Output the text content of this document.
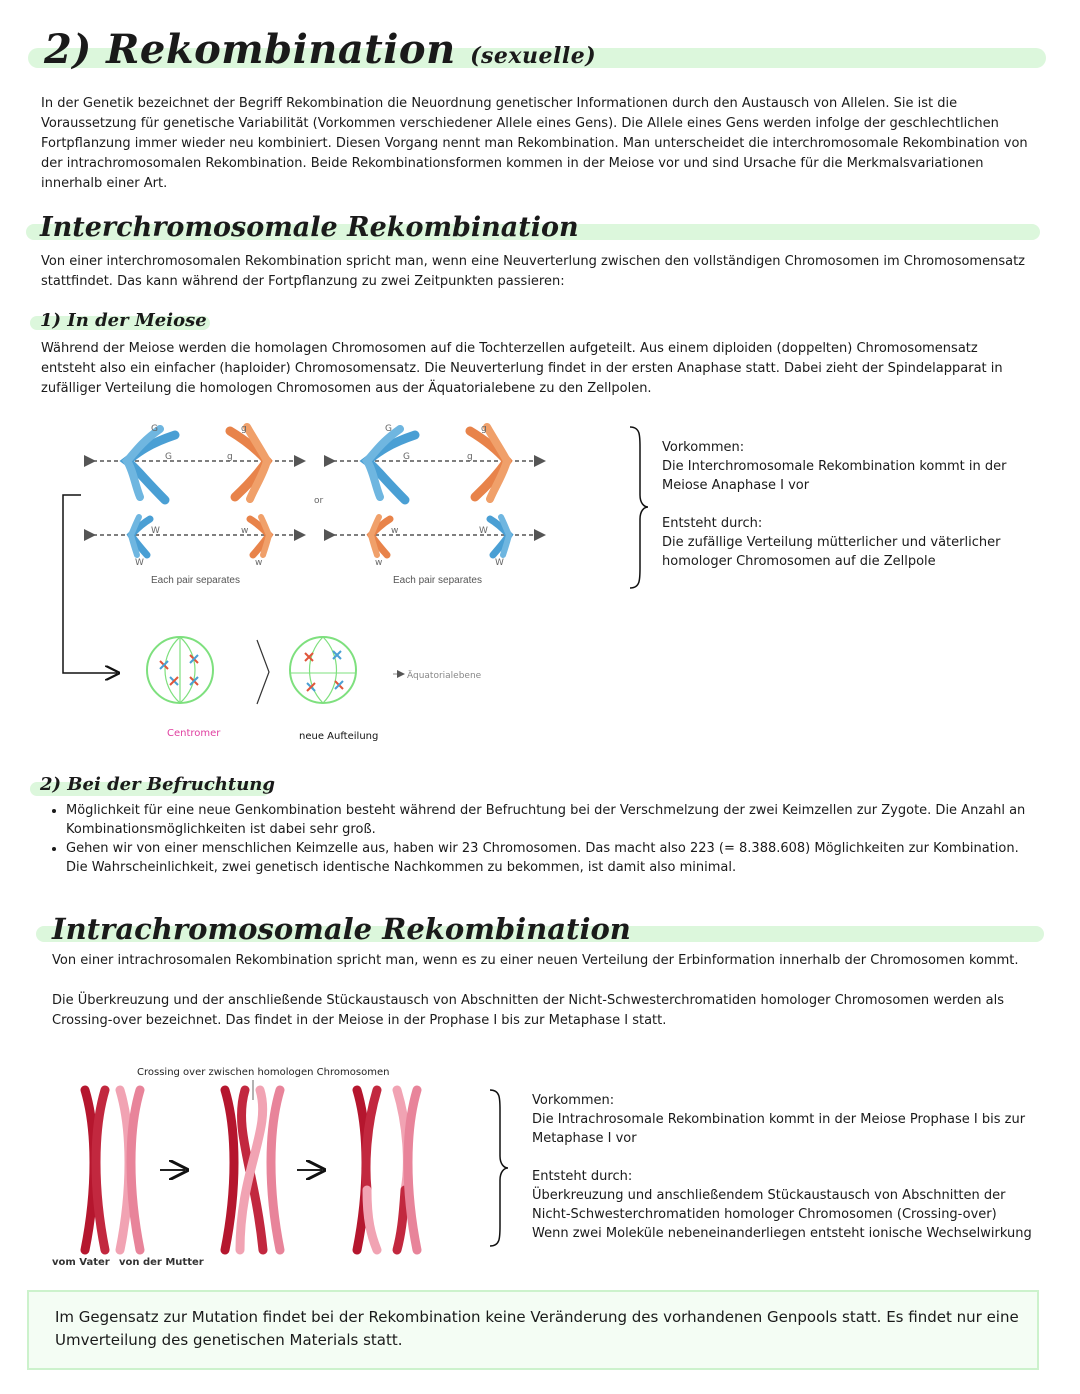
2) Rekombination (sexuelle)

In der Genetik bezeichnet der Begriff Rekombination die Neuordnung genetischer Informationen durch den Austausch von Allelen. Sie ist die Voraussetzung für genetische Variabilität (Vorkommen verschiedener Allele eines Gens). Die Allele eines Gens werden infolge der geschlechtlichen Fortpflanzung immer wieder neu kombiniert. Diesen Vorgang nennt man Rekombination. Man unterscheidet die interchromosomale Rekombination von der intrachromosomalen Rekombination. Beide Rekombinationsformen kommen in der Meiose vor und sind Ursache für die Merkmalsvariationen innerhalb einer Art.

Interchromosomale Rekombination

Von einer interchromosomalen Rekombination spricht man, wenn eine Neuverterlung zwischen den vollständigen Chromosomen im Chromosomensatz stattfindet. Das kann während der Fortpflanzung zu zwei Zeitpunkten passieren:

1) In der Meiose

Während der Meiose werden die homolagen Chromosomen auf die Tochterzellen aufgeteilt. Aus einem diploiden (doppelten) Chromosomensatz entsteht also ein einfacher (haploider) Chromosomensatz. Die Neuverterlung findet in der ersten Anaphase statt. Dabei zieht der Spindelapparat in zufälliger Verteilung die homologen Chromosomen aus der Äquatorialebene zu den Zellpolen.

G
G
g
g
W
W
w
w
Each pair separates
or
G
G
g
g
w
w
W
W
Each pair separates
Äquatorialebene
Centromer	neue Aufteilung

Vorkommen:

Die Interchromosomale Rekombination kommt in der Meiose Anaphase I vor

Entsteht durch:

Die zufällige Verteilung mütterlicher und väterlicher homologer Chromosomen auf die Zellpole

2) Bei der Befruchtung
• Möglichkeit für eine neue Genkombination besteht während der Befruchtung bei der Verschmelzung der zwei Keimzellen zur Zygote. Die Anzahl an Kombinationsmöglichkeiten ist dabei sehr groß.
• Gehen wir von einer menschlichen Keimzelle aus, haben wir 23 Chromosomen. Das macht also 223 (= 8.388.608) Möglichkeiten zur Kombination. Die Wahrscheinlichkeit, zwei genetisch identische Nachkommen zu bekommen, ist damit also minimal.
Intrachromosomale Rekombination

Von einer intrachrosomalen Rekombination spricht man, wenn es zu einer neuen Verteilung der Erbinformation innerhalb der Chromosomen kommt.

Die Überkreuzung und der anschließende Stückaustausch von Abschnitten der Nicht-Schwesterchromatiden homologer Chromosomen werden als Crossing-over bezeichnet. Das findet in der Meiose in der Prophase I bis zur Metaphase I statt.

Crossing over zwischen homologen Chromosomen
vom Vater von der Mutter

Vorkommen:

Die Intrachrosomale Rekombination kommt in der Meiose Prophase I bis zur Metaphase I vor

Entsteht durch:

Überkreuzung und anschließendem Stückaustausch von Abschnitten der Nicht-Schwesterchromatiden homologer Chromosomen (Crossing-over)

Wenn zwei Moleküle nebeneinanderliegen entsteht ionische Wechselwirkung

Im Gegensatz zur Mutation findet bei der Rekombination keine Veränderung des vorhandenen Genpools statt. Es findet nur eine Umverteilung des genetischen Materials statt.
